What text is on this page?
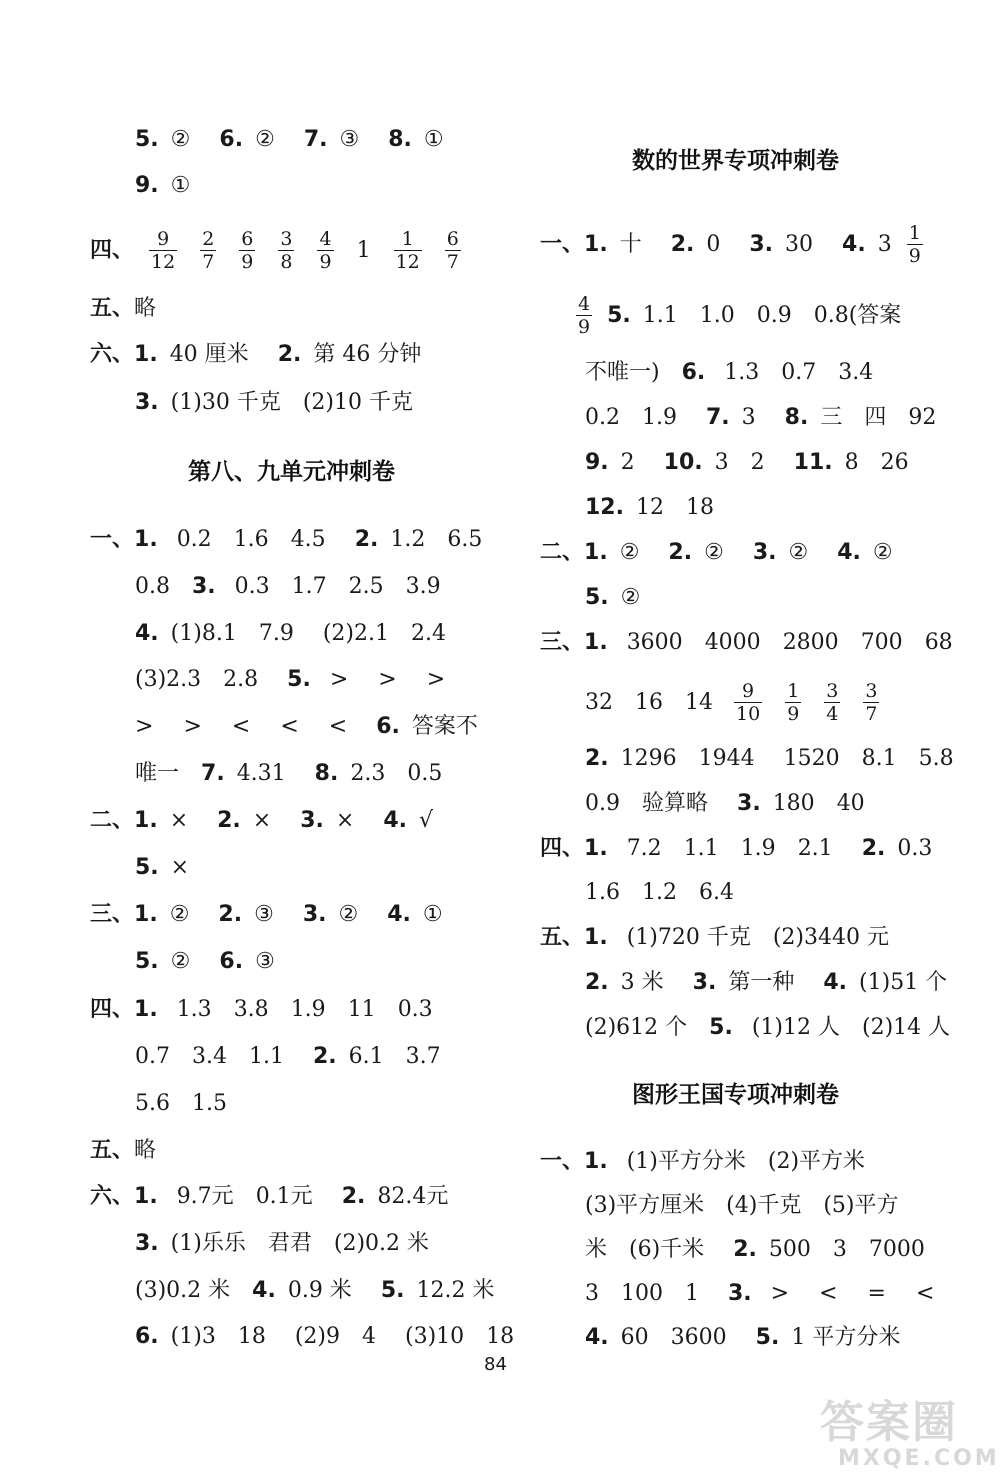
5. ② 6. ② 7. ③ 8. ①
9. ①
四、 $\frac{9}{12}$
$\frac{2}{7}$
$\frac{6}{9}$
$\frac{3}{8}$
$\frac{4}{9} 1 \frac{1}{12}$
$\frac{6}{7}$
五、略
六、1. 40 厘米 2. 第 46 分钟
3. (1)30 千克 (2)10 千克
第八、九单元冲刺卷
一、1. 0.2 1.6 4.5 2. 1.2 6.5
0.8 3. 0.3 1.7 2.5 3.9
4. (1)8.1 7.9 (2)2.1 2.4
(3)2.3 2.8 5. > > >
> > < < < 6. 答案不
唯一 7. 4.31 8. 2.3 0.5
二、1. × 2. × 3. × 4. √
5. ×
三、1. ② 2. ③ 3. ② 4. ①
5. ② 6. ③
四、1. 1.3 3.8 1.9 11 0.3
0.7 3.4 1.1 2. 6.1 3.7
5.6 1.5
五、略
六、1. 9.7元 0.1元 2. 82.4元
3. (1)乐乐 君君 (2)0.2 米
(3)0.2 米 4. 0.9 米 5. 12.2 米
6. (1)3 18 (2)9 4 (3)10 18
数的世界专项冲刺卷
一、1. 十 2. 0 3. 30 4. $3 \frac{1}{9}$
$\frac{4}{9} 5$. 1.1　1.0　0.9　0.8(答案
不唯一) 6. 1.3 0.7 3.4
0.2 1.9 7. 3 8. 三 四 92
9. 2 10. 3 2 11. 8 26
12. 12 18
二、1. ② 2. ② 3. ② 4. ②
5. ②
三、1. 3600 4000 2800 700 68
32 16 $14 \frac{9}{10}$
$\frac{1}{9}$
$\frac{3}{4}$
$\frac{3}{7}$
2. 1296 1944 1520 8.1 5.8
0.9 验算略 3. 180 40
四、1. 7.2 1.1 1.9 2.1 2. 0.3
1.6 1.2 6.4
五、1. (1)720 千克 (2)3440 元
2. 3 米 3. 第一种 4. (1)51 个
(2)612 个 5. (1)12 人 (2)14 人
图形王国专项冲刺卷
一、1. (1)平方分米 (2)平方米
(3)平方厘米 (4)千克 (5)平方
米 (6)千米 2. 500 3 7000
3 100 1 3. > < = <
4. 60 3600 5. 1 平方分米
84
答案圈
MXQE.COM
